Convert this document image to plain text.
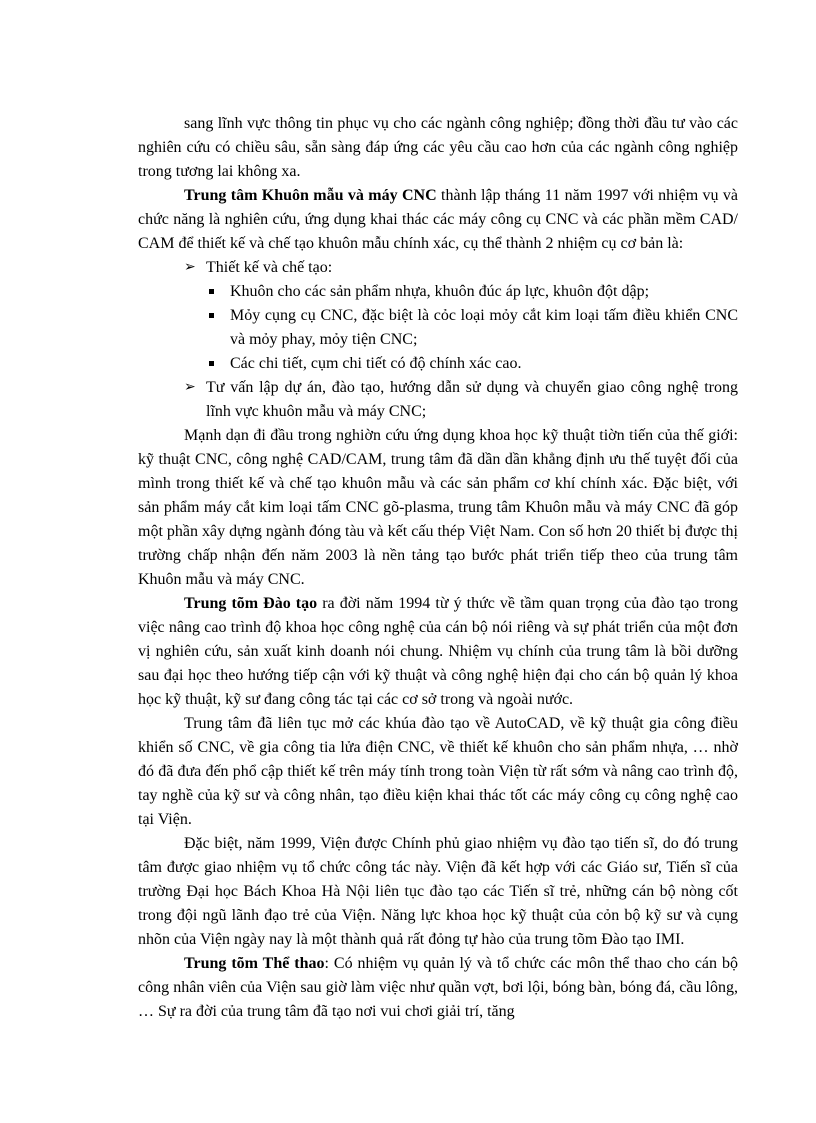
sang lĩnh vực thông tin phục vụ cho các ngành công nghiệp; đồng thời đầu tư vào các nghiên cứu có chiều sâu, sẵn sàng đáp ứng các yêu cầu cao hơn của các ngành công nghiệp trong tương lai không xa.

Trung tâm Khuôn mẫu và máy CNC thành lập tháng 11 năm 1997 với nhiệm vụ và chức năng là nghiên cứu, ứng dụng khai thác các máy công cụ CNC và các phần mềm CAD/ CAM để thiết kế và chế tạo khuôn mẫu chính xác, cụ thể thành 2 nhiệm cụ cơ bản là:

➢ Thiết kế và chế tạo:
Khuôn cho các sản phẩm nhựa, khuôn đúc áp lực, khuôn đột dập;
Mỏy cụng cụ CNC, đặc biệt là cỏc loại mỏy cắt kim loại tấm điều khiển CNC và mỏy phay, mỏy tiện CNC;
Các chi tiết, cụm chi tiết có độ chính xác cao.
➢ Tư vấn lập dự án, đào tạo, hướng dẫn sử dụng và chuyển giao công nghệ trong lĩnh vực khuôn mẫu và máy CNC;

Mạnh dạn đi đầu trong nghiờn cứu ứng dụng khoa học kỹ thuật tiờn tiến của thế giới: kỹ thuật CNC, công nghệ CAD/CAM, trung tâm đã dần dần khẳng định ưu thế tuyệt đối của mình trong thiết kế và chế tạo khuôn mẫu và các sản phẩm cơ khí chính xác. Đặc biệt, với sản phẩm máy cắt kim loại tấm CNC gõ-plasma, trung tâm Khuôn mẫu và máy CNC đã góp một phần xây dựng ngành đóng tàu và kết cấu thép Việt Nam. Con số hơn 20 thiết bị được thị trường chấp nhận đến năm 2003 là nền tảng tạo bước phát triển tiếp theo của trung tâm Khuôn mẫu và máy CNC.

Trung tõm Đào tạo ra đời năm 1994 từ ý thức về tầm quan trọng của đào tạo trong việc nâng cao trình độ khoa học công nghệ của cán bộ nói riêng và sự phát triển của một đơn vị nghiên cứu, sản xuất kinh doanh nói chung. Nhiệm vụ chính của trung tâm là bồi dưỡng sau đại học theo hướng tiếp cận với kỹ thuật và công nghệ hiện đại cho cán bộ quản lý khoa học kỹ thuật, kỹ sư đang công tác tại các cơ sở trong và ngoài nước.

Trung tâm đã liên tục mở các khúa đào tạo về AutoCAD, về kỹ thuật gia công điều khiển số CNC, về gia công tia lửa điện CNC, về thiết kế khuôn cho sản phẩm nhựa, … nhờ đó đã đưa đến phổ cập thiết kế trên máy tính trong toàn Viện từ rất sớm và nâng cao trình độ, tay nghề của kỹ sư và công nhân, tạo điều kiện khai thác tốt các máy công cụ công nghệ cao tại Viện.

Đặc biệt, năm 1999, Viện được Chính phủ giao nhiệm vụ đào tạo tiến sĩ, do đó trung tâm được giao nhiệm vụ tổ chức công tác này. Viện đã kết hợp với các Giáo sư, Tiến sĩ của trường Đại học Bách Khoa Hà Nội liên tục đào tạo các Tiến sĩ trẻ, những cán bộ nòng cốt trong đội ngũ lãnh đạo trẻ của Viện. Năng lực khoa học kỹ thuật của cỏn bộ kỹ sư và cụng nhõn của Viện ngày nay là một thành quả rất đỏng tự hào của trung tõm Đào tạo IMI.

Trung tõm Thể thao: Có nhiệm vụ quản lý và tổ chức các môn thể thao cho cán bộ công nhân viên của Viện sau giờ làm việc như quần vợt, bơi lội, bóng bàn, bóng đá, cầu lông, … Sự ra đời của trung tâm đã tạo nơi vui chơi giải trí, tăng
